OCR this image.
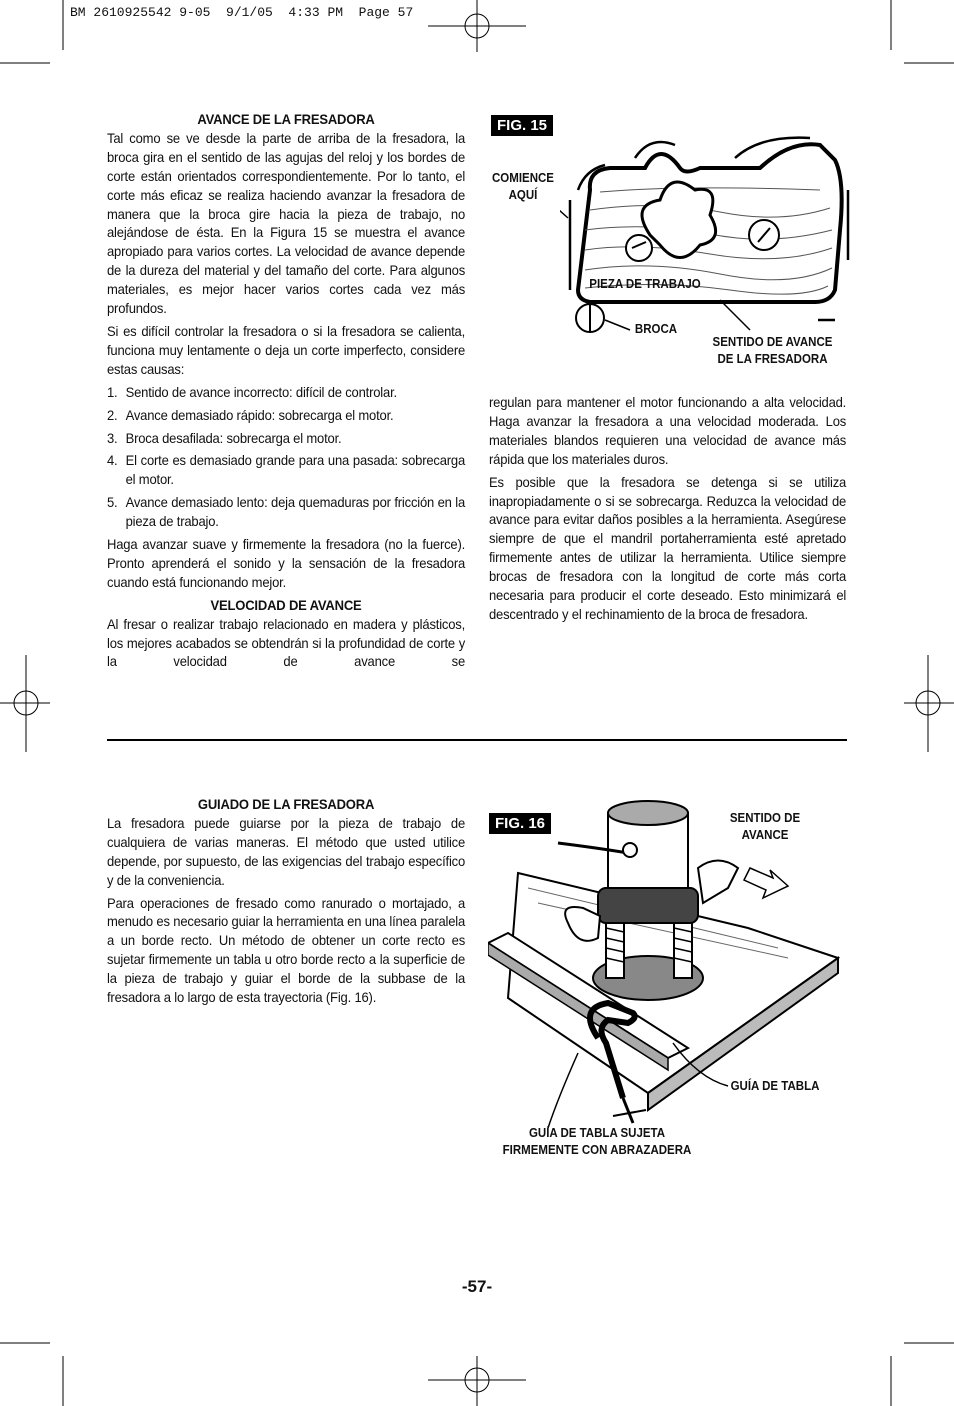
BM 2610925542 9-05  9/1/05  4:33 PM  Page 57
AVANCE DE LA FRESADORA

Tal como se ve desde la parte de arriba de la fresadora, la broca gira en el sentido de las agujas del reloj y los bordes de corte están orientados correspondientemente. Por lo tanto, el corte más eficaz se realiza haciendo avanzar la fresadora de manera que la broca gire hacia la pieza de trabajo, no alejándose de ésta. En la Figura 15 se muestra el avance apropiado para varios cortes. La velocidad de avance depende de la dureza del material y del tamaño del corte. Para algunos materiales, es mejor hacer varios cortes cada vez más profundos.

Si es difícil controlar la fresadora o si la fresadora se calienta, funciona muy lentamente o deja un corte imperfecto, considere estas causas:

1. Sentido de avance incorrecto: difícil de controlar.
2. Avance demasiado rápido: sobrecarga el motor.
3. Broca desafilada: sobrecarga el motor.
4. El corte es demasiado grande para una pasada: sobrecarga el motor.
5. Avance demasiado lento: deja quemaduras por fricción en la pieza de trabajo.

Haga avanzar suave y firmemente la fresadora (no la fuerce). Pronto aprenderá el sonido y la sensación de la fresadora cuando está funcionando mejor.

VELOCIDAD DE AVANCE

Al fresar o realizar trabajo relacionado en madera y plásticos, los mejores acabados se obtendrán si la profundidad de corte y la velocidad de avance se

regulan para mantener el motor funcionando a alta velocidad. Haga avanzar la fresadora a una velocidad moderada. Los materiales blandos requieren una velocidad de avance más rápida que los materiales duros.

Es posible que la fresadora se detenga si se utiliza inapropiadamente o si se sobrecarga. Reduzca la velocidad de avance para evitar daños posibles a la herramienta. Asegúrese siempre de que el mandril portaherramienta esté apretado firmemente antes de utilizar la herramienta. Utilice siempre brocas de fresadora con la longitud de corte más corta necesaria para producir el corte deseado. Esto minimizará el descentrado y el rechinamiento de la broca de fresadora.

FIG. 15
COMIENCE
AQUÍ
PIEZA DE TRABAJO
BROCA
SENTIDO DE AVANCE
DE LA FRESADORA
GUIADO DE LA FRESADORA

La fresadora puede guiarse por la pieza de trabajo de cualquiera de varias maneras. El método que usted utilice depende, por supuesto, de las exigencias del trabajo específico y de la conveniencia.

Para operaciones de fresado como ranurado o mortajado, a menudo es necesario guiar la herramienta en una línea paralela a un borde recto. Un método de obtener un corte recto es sujetar firmemente un tabla u otro borde recto a la superficie de la pieza de trabajo y guiar el borde de la subbase de la fresadora a lo largo de esta trayectoria (Fig. 16).

FIG. 16	SENTIDO DE
AVANCE
GUÍA DE TABLA
GUÍA DE TABLA SUJETA
FIRMEMENTE CON ABRAZADERA
-57-
